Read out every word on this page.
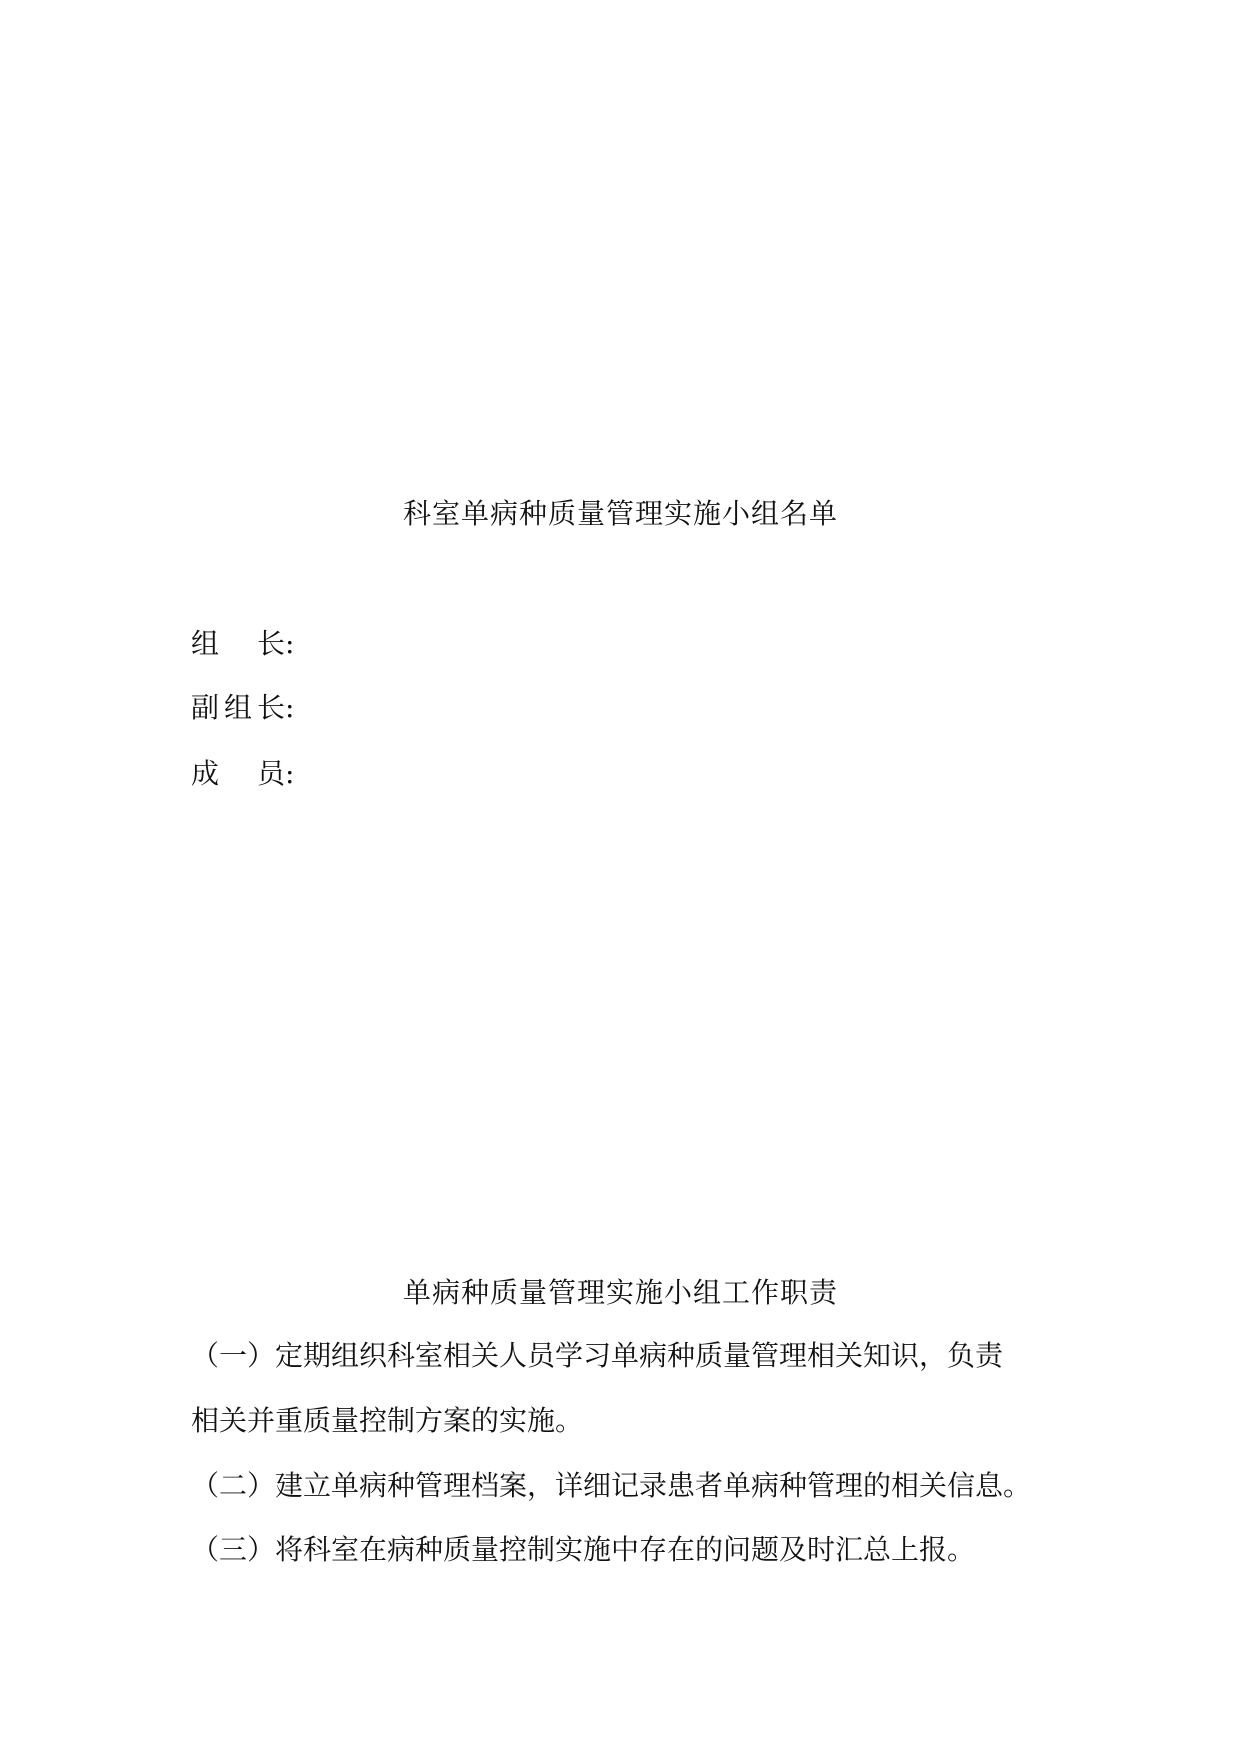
科室单病种质量管理实施小组名单
组　长:
副组长:
成　员:
单病种质量管理实施小组工作职责
（一）定期组织科室相关人员学习单病种质量管理相关知识，负责
相关并重质量控制方案的实施。
（二）建立单病种管理档案，详细记录患者单病种管理的相关信息。
（三）将科室在病种质量控制实施中存在的问题及时汇总上报。
